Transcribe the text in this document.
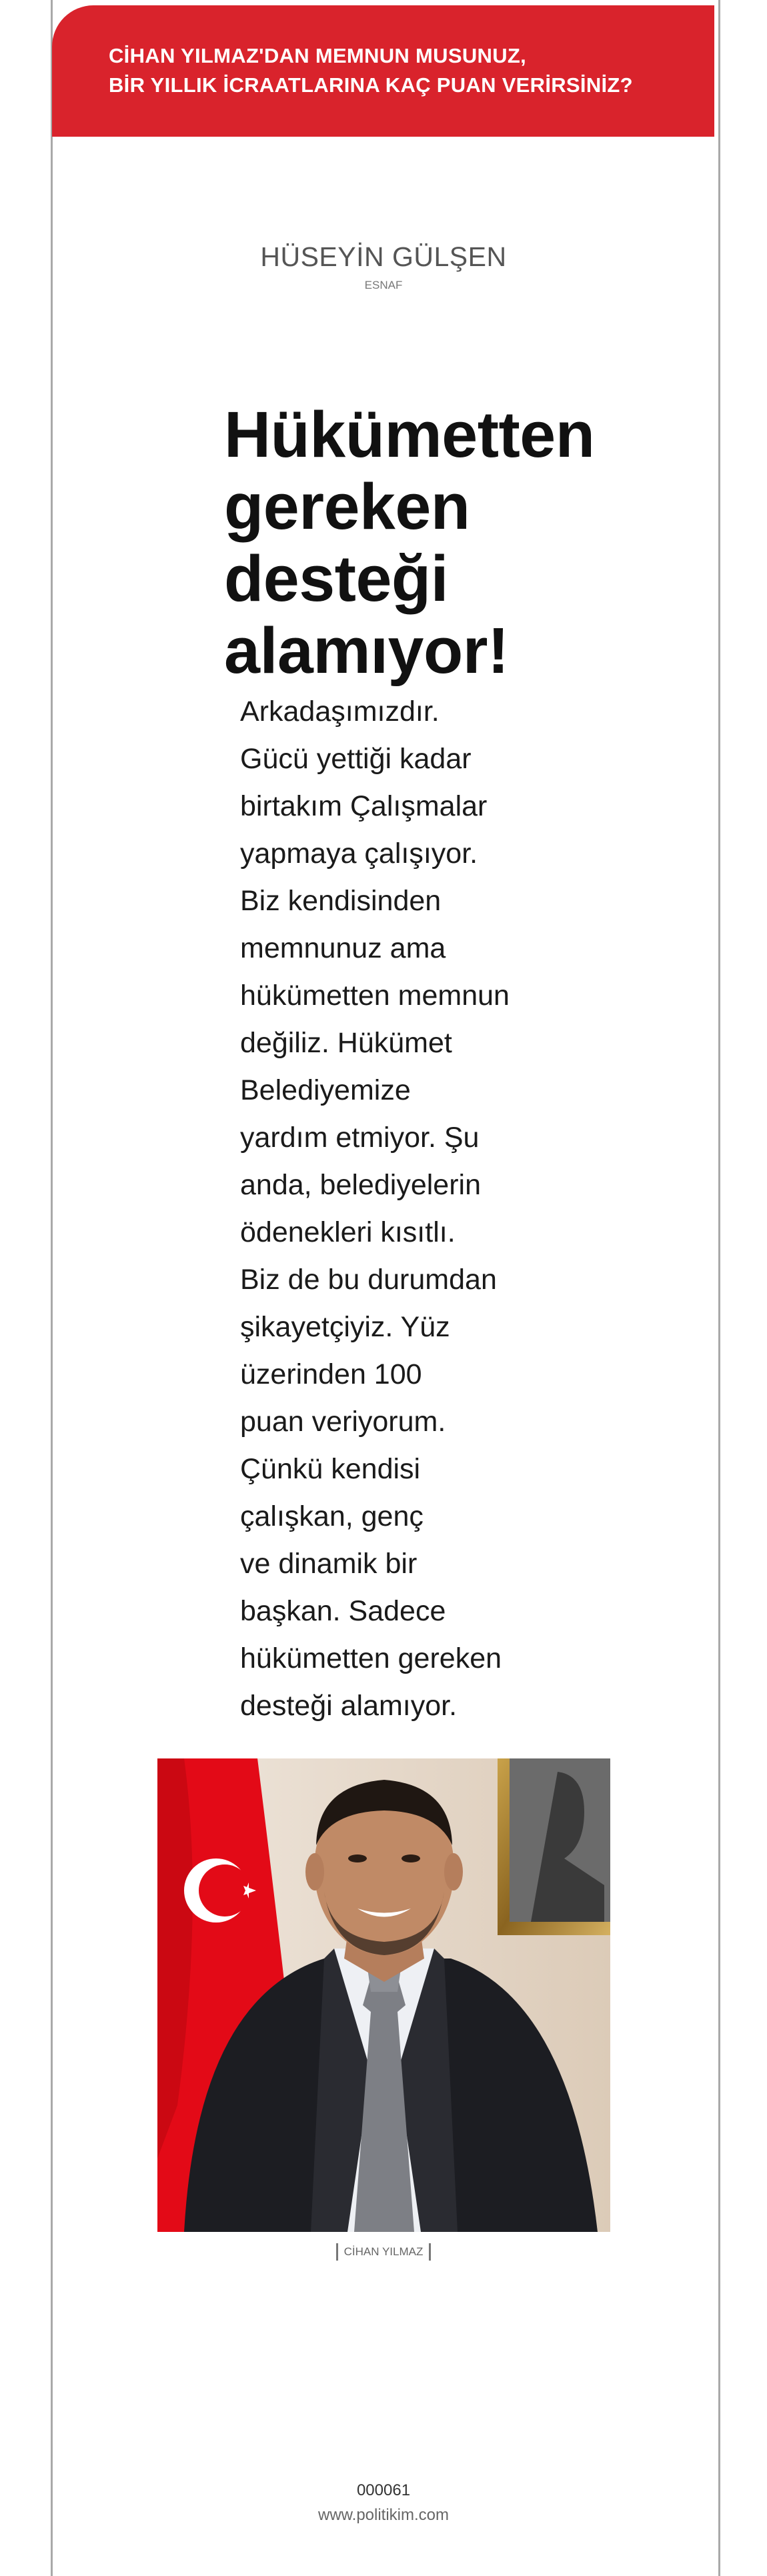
CİHAN YILMAZ'DAN MEMNUN MUSUNUZ,
BİR YILLIK İCRAATLARINA KAÇ PUAN VERİRSİNİZ?
HÜSEYİN GÜLŞEN
ESNAF
Hükümetten
gereken
desteği
alamıyor!
Arkadaşımızdır.
Gücü yettiği kadar
birtakım Çalışmalar
yapmaya çalışıyor.
Biz kendisinden
memnunuz ama
hükümetten memnun
değiliz. Hükümet
Belediyemize
yardım etmiyor. Şu
anda, belediyelerin
ödenekleri kısıtlı.
Biz de bu durumdan
şikayetçiyiz. Yüz
üzerinden 100
puan veriyorum.
Çünkü kendisi
çalışkan, genç
ve dinamik bir
başkan. Sadece
hükümetten gereken
desteği alamıyor.
CİHAN YILMAZ
000061
www.politikim.com
